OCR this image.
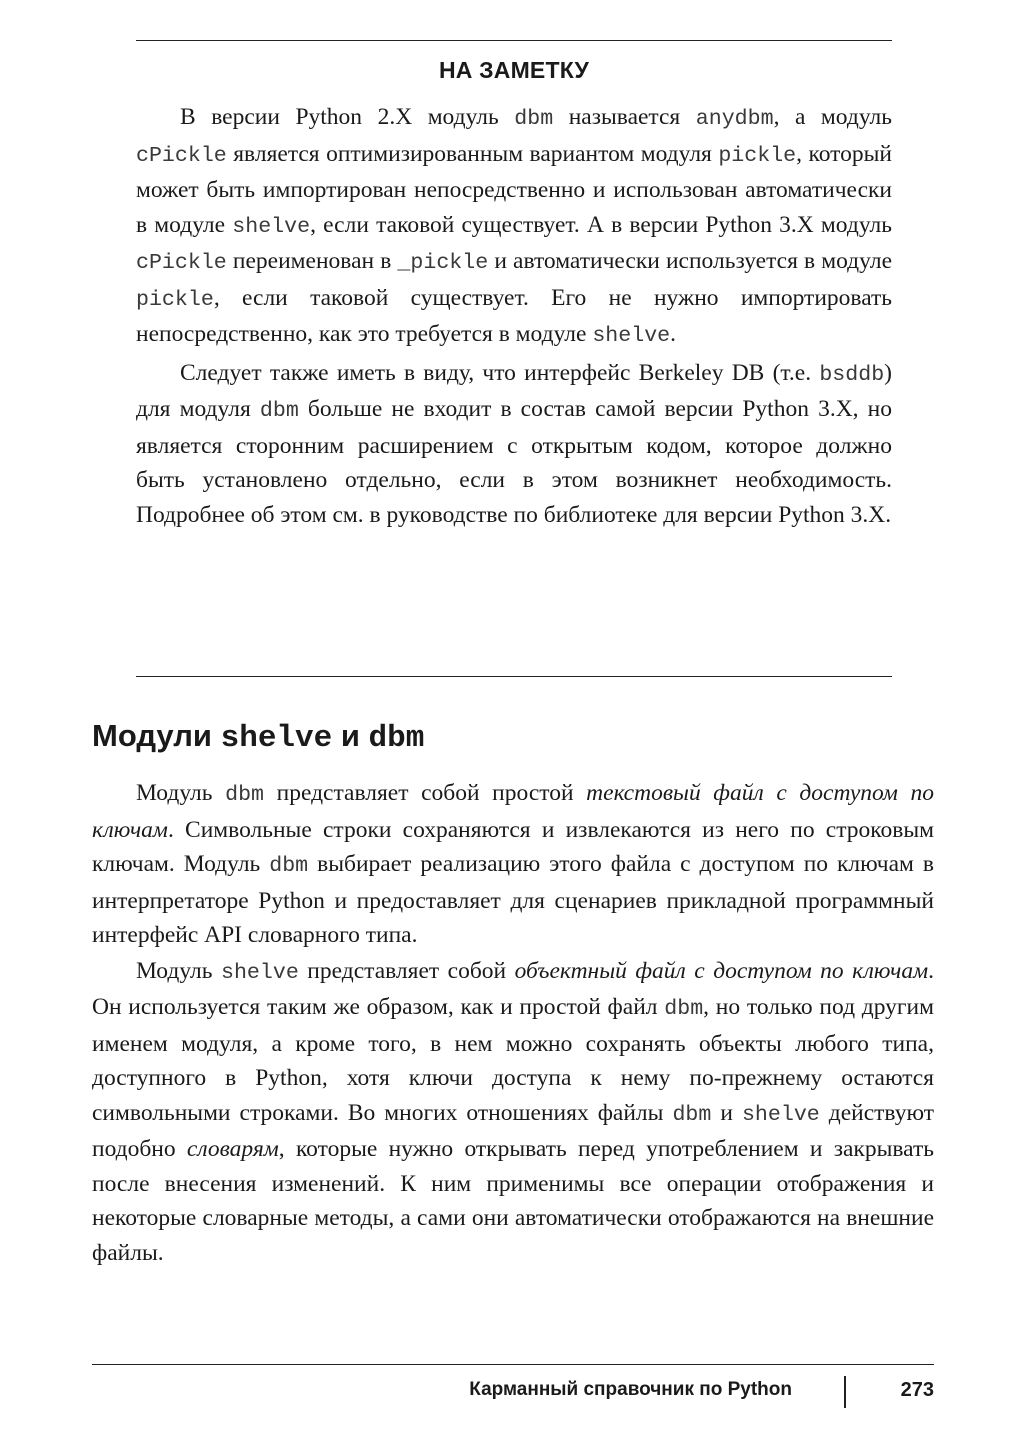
НА ЗАМЕТКУ

В версии Python 2.X модуль dbm называется anydbm, а модуль cPickle является оптимизированным вариантом модуля pickle, который может быть импортирован непосредственно и использован автоматически в модуле shelve, если таковой существует. А в версии Python 3.X модуль cPickle переименован в _pickle и автоматически используется в модуле pickle, если таковой существует. Его не нужно импортировать непосредственно, как это требуется в модуле shelve.

Следует также иметь в виду, что интерфейс Berkeley DB (т.е. bsddb) для модуля dbm больше не входит в состав самой версии Python 3.X, но является сторонним расширением с открытым кодом, которое должно быть установлено отдельно, если в этом возникнет необходимость. Подробнее об этом см. в руководстве по библиотеке для версии Python 3.X.

Модули shelve и dbm

Модуль dbm представляет собой простой текстовый файл с доступом по ключам. Символьные строки сохраняются и извлекаются из него по строковым ключам. Модуль dbm выбирает реализацию этого файла с доступом по ключам в интерпретаторе Python и предоставляет для сценариев прикладной программный интерфейс API словарного типа.

Модуль shelve представляет собой объектный файл с доступом по ключам. Он используется таким же образом, как и простой файл dbm, но только под другим именем модуля, а кроме того, в нем можно сохранять объекты любого типа, доступного в Python, хотя ключи доступа к нему по-прежнему остаются символьными строками. Во многих отношениях файлы dbm и shelve действуют подобно словарям, которые нужно открывать перед употреблением и закрывать после внесения изменений. К ним применимы все операции отображения и некоторые словарные методы, а сами они автоматически отображаются на внешние файлы.

Карманный справочник по Python	273
